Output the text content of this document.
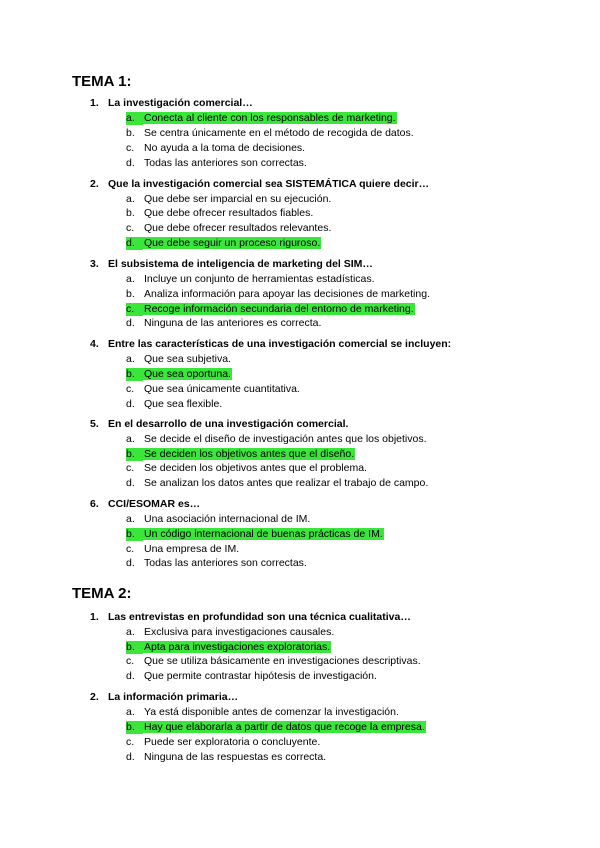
TEMA 1:
1. La investigación comercial…
a. Conecta al cliente con los responsables de marketing.
b. Se centra únicamente en el método de recogida de datos.
c. No ayuda a la toma de decisiones.
d. Todas las anteriores son correctas.
2. Que la investigación comercial sea SISTEMÁTICA quiere decir…
a. Que debe ser imparcial en su ejecución.
b. Que debe ofrecer resultados fiables.
c. Que debe ofrecer resultados relevantes.
d. Que debe seguir un proceso riguroso.
3. El subsistema de inteligencia de marketing del SIM…
a. Incluye un conjunto de herramientas estadísticas.
b. Analiza información para apoyar las decisiones de marketing.
c. Recoge información secundaria del entorno de marketing.
d. Ninguna de las anteriores es correcta.
4. Entre las características de una investigación comercial se incluyen:
a. Que sea subjetiva.
b. Que sea oportuna.
c. Que sea únicamente cuantitativa.
d. Que sea flexible.
5. En el desarrollo de una investigación comercial.
a. Se decide el diseño de investigación antes que los objetivos.
b. Se deciden los objetivos antes que el diseño.
c. Se deciden los objetivos antes que el problema.
d. Se analizan los datos antes que realizar el trabajo de campo.
6. CCI/ESOMAR es…
a. Una asociación internacional de IM.
b. Un código internacional de buenas prácticas de IM.
c. Una empresa de IM.
d. Todas las anteriores son correctas.
TEMA 2:
1. Las entrevistas en profundidad son una técnica cualitativa…
a. Exclusiva para investigaciones causales.
b. Apta para investigaciones exploratorias.
c. Que se utiliza básicamente en investigaciones descriptivas.
d. Que permite contrastar hipótesis de investigación.
2. La información primaria…
a. Ya está disponible antes de comenzar la investigación.
b. Hay que elaborarla a partir de datos que recoge la empresa.
c. Puede ser exploratoria o concluyente.
d. Ninguna de las respuestas es correcta.
